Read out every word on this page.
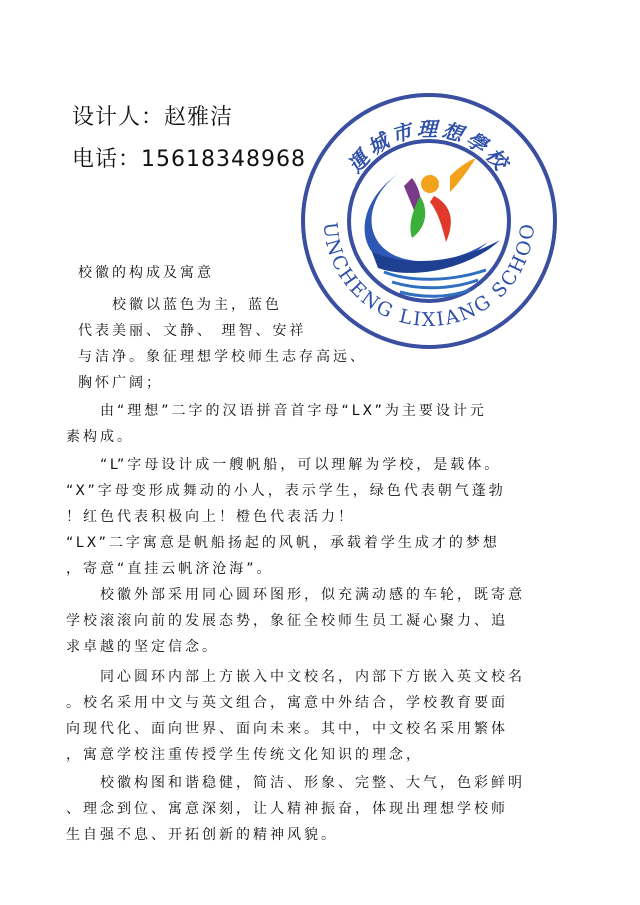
设计人：赵雅洁
电话：15618348968 運城市理想學校
UNCHENG LIXIANG SCHOO

校徽的构成及寓意

　　校徽以蓝色为主，蓝色

代表美丽、文静、 理智、安祥

与洁净。象征理想学校师生志存高远、

胸怀广阔；

　　由“理想”二字的汉语拼音首字母“LX”为主要设计元

素构成。

　　“L”字母设计成一艘帆船，可以理解为学校，是载体。

“X”字母变形成舞动的小人，表示学生，绿色代表朝气蓬勃

！红色代表积极向上！橙色代表活力！

“LX”二字寓意是帆船扬起的风帆，承载着学生成才的梦想

，寄意“直挂云帆济沧海”。

　　校徽外部采用同心圆环图形，似充满动感的车轮，既寄意

学校滚滚向前的发展态势，象征全校师生员工凝心聚力、追

求卓越的坚定信念。

　　同心圆环内部上方嵌入中文校名，内部下方嵌入英文校名

。校名采用中文与英文组合，寓意中外结合，学校教育要面

向现代化、面向世界、面向未来。其中，中文校名采用繁体

，寓意学校注重传授学生传统文化知识的理念，

　　校徽构图和谐稳健，简洁、形象、完整、大气，色彩鲜明

、理念到位、寓意深刻，让人精神振奋，体现出理想学校师

生自强不息、开拓创新的精神风貌。
